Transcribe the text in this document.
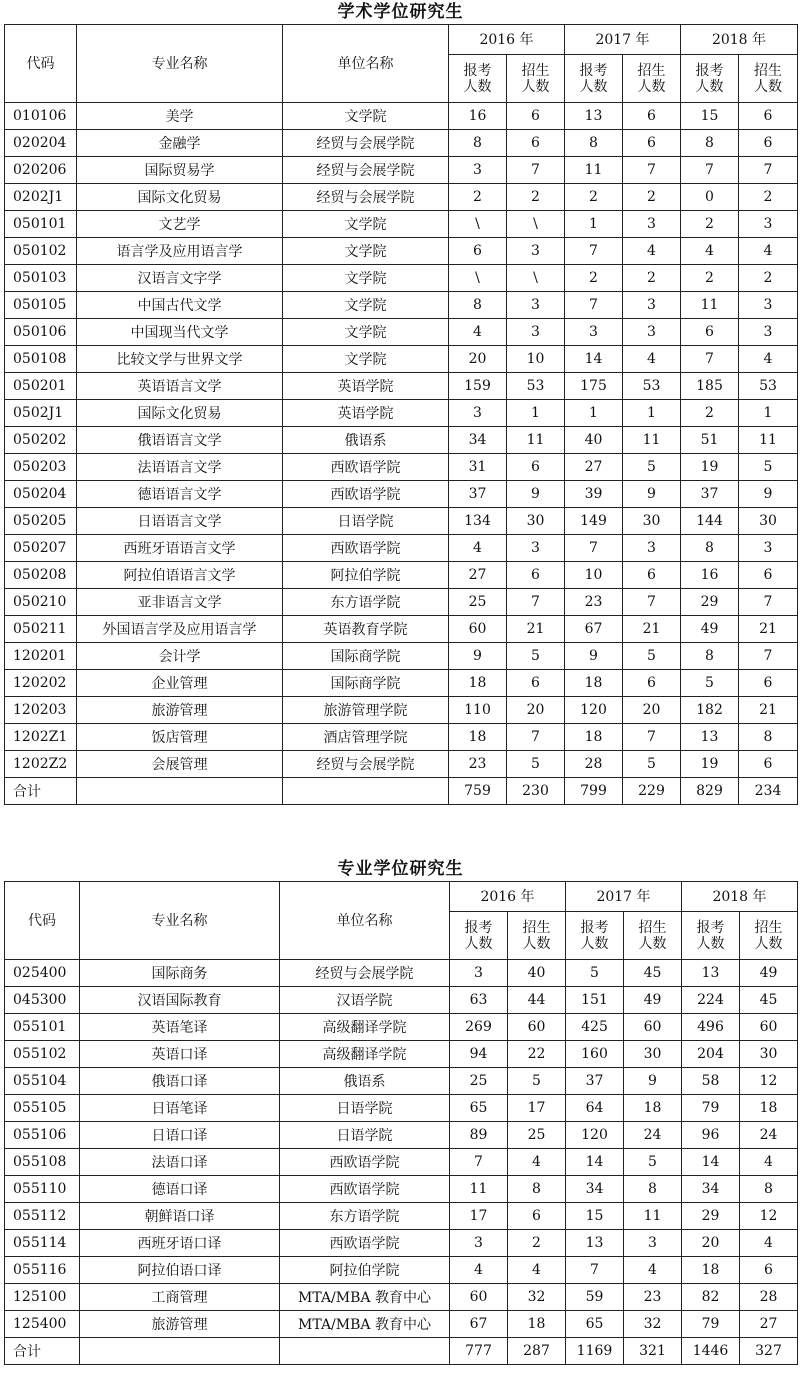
学术学位研究生
代码	专业名称	单位名称	2016 年		2017 年		2018 年	
			报考人数	招生人数	报考人数	招生人数	报考人数	招生人数
010106	美学	文学院	16	6	13	6	15	6
020204	金融学	经贸与会展学院	8	6	8	6	8	6
020206	国际贸易学	经贸与会展学院	3	7	11	7	7	7
0202J1	国际文化贸易	经贸与会展学院	2	2	2	2	0	2
050101	文艺学	文学院	\	\	1	3	2	3
050102	语言学及应用语言学	文学院	6	3	7	4	4	4
050103	汉语言文字学	文学院	\	\	2	2	2	2
050105	中国古代文学	文学院	8	3	7	3	11	3
050106	中国现当代文学	文学院	4	3	3	3	6	3
050108	比较文学与世界文学	文学院	20	10	14	4	7	4
050201	英语语言文学	英语学院	159	53	175	53	185	53
0502J1	国际文化贸易	英语学院	3	1	1	1	2	1
050202	俄语语言文学	俄语系	34	11	40	11	51	11
050203	法语语言文学	西欧语学院	31	6	27	5	19	5
050204	德语语言文学	西欧语学院	37	9	39	9	37	9
050205	日语语言文学	日语学院	134	30	149	30	144	30
050207	西班牙语语言文学	西欧语学院	4	3	7	3	8	3
050208	阿拉伯语语言文学	阿拉伯学院	27	6	10	6	16	6
050210	亚非语言文学	东方语学院	25	7	23	7	29	7
050211	外国语言学及应用语言学	英语教育学院	60	21	67	21	49	21
120201	会计学	国际商学院	9	5	9	5	8	7
120202	企业管理	国际商学院	18	6	18	6	5	6
120203	旅游管理	旅游管理学院	110	20	120	20	182	21
1202Z1	饭店管理	酒店管理学院	18	7	18	7	13	8
1202Z2	会展管理	经贸与会展学院	23	5	28	5	19	6
合计			759	230	799	229	829	234
专业学位研究生
代码	专业名称	单位名称	2016 年		2017 年		2018 年	
			报考人数	招生人数	报考人数	招生人数	报考人数	招生人数
025400	国际商务	经贸与会展学院	3	40	5	45	13	49
045300	汉语国际教育	汉语学院	63	44	151	49	224	45
055101	英语笔译	高级翻译学院	269	60	425	60	496	60
055102	英语口译	高级翻译学院	94	22	160	30	204	30
055104	俄语口译	俄语系	25	5	37	9	58	12
055105	日语笔译	日语学院	65	17	64	18	79	18
055106	日语口译	日语学院	89	25	120	24	96	24
055108	法语口译	西欧语学院	7	4	14	5	14	4
055110	德语口译	西欧语学院	11	8	34	8	34	8
055112	朝鲜语口译	东方语学院	17	6	15	11	29	12
055114	西班牙语口译	西欧语学院	3	2	13	3	20	4
055116	阿拉伯语口译	阿拉伯学院	4	4	7	4	18	6
125100	工商管理	MTA/MBA 教育中心	60	32	59	23	82	28
125400	旅游管理	MTA/MBA 教育中心	67	18	65	32	79	27
合计			777	287	1169	321	1446	327
